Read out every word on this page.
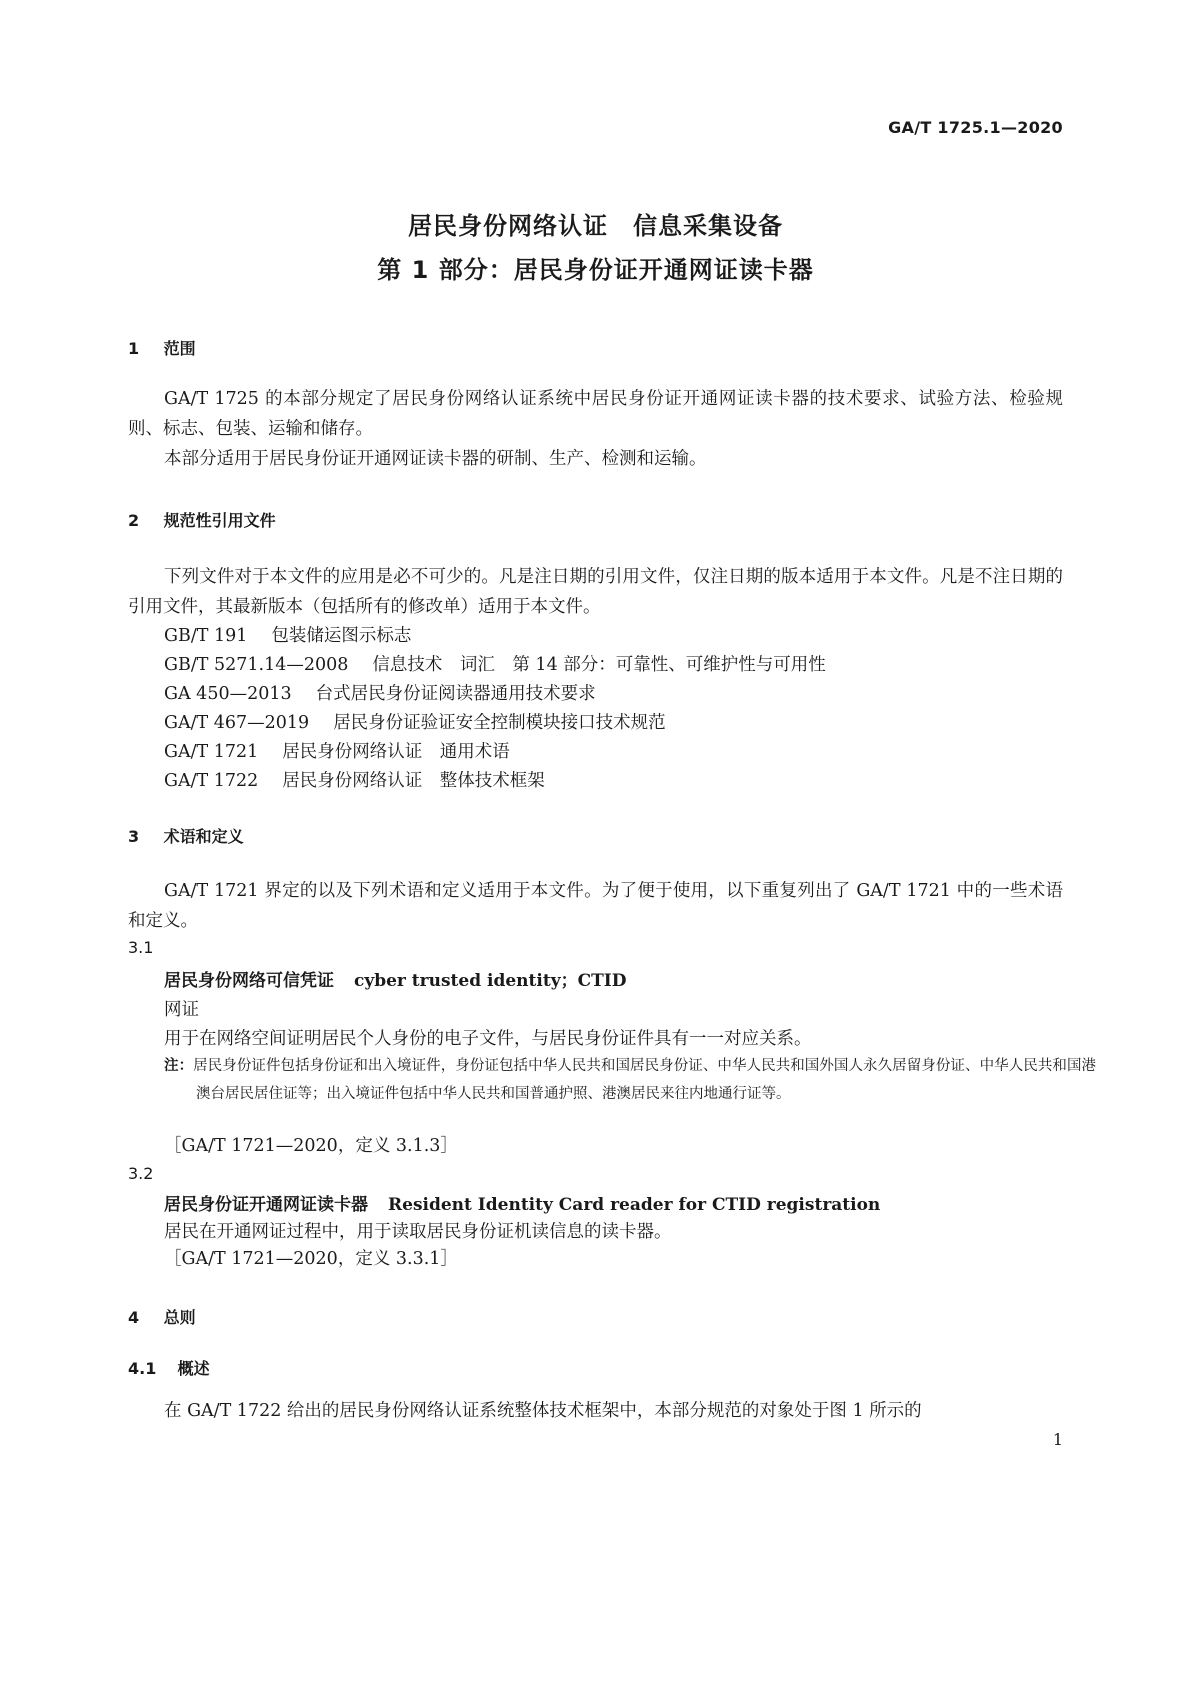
GA/T 1725.1—2020
居民身份网络认证　信息采集设备
第 1 部分：居民身份证开通网证读卡器
1 范围
GA/T 1725 的本部分规定了居民身份网络认证系统中居民身份证开通网证读卡器的技术要求、试验方法、检验规则、标志、包装、运输和储存。
本部分适用于居民身份证开通网证读卡器的研制、生产、检测和运输。
2 规范性引用文件
下列文件对于本文件的应用是必不可少的。凡是注日期的引用文件，仅注日期的版本适用于本文件。凡是不注日期的引用文件，其最新版本（包括所有的修改单）适用于本文件。
GB/T 191 包装储运图示标志
GB/T 5271.14—2008 信息技术　词汇　第 14 部分：可靠性、可维护性与可用性
GA 450—2013 台式居民身份证阅读器通用技术要求
GA/T 467—2019 居民身份证验证安全控制模块接口技术规范
GA/T 1721 居民身份网络认证　通用术语
GA/T 1722 居民身份网络认证　整体技术框架
3 术语和定义
GA/T 1721 界定的以及下列术语和定义适用于本文件。为了便于使用，以下重复列出了 GA/T 1721 中的一些术语和定义。
3.1
居民身份网络可信凭证 cyber trusted identity；CTID
网证
用于在网络空间证明居民个人身份的电子文件，与居民身份证件具有一一对应关系。
注：居民身份证件包括身份证和出入境证件，身份证包括中华人民共和国居民身份证、中华人民共和国外国人永久居留身份证、中华人民共和国港澳台居民居住证等；出入境证件包括中华人民共和国普通护照、港澳居民来往内地通行证等。
［GA/T 1721—2020，定义 3.1.3］
3.2
居民身份证开通网证读卡器 Resident Identity Card reader for CTID registration
居民在开通网证过程中，用于读取居民身份证机读信息的读卡器。
［GA/T 1721—2020，定义 3.3.1］
4 总则
4.1 概述
在 GA/T 1722 给出的居民身份网络认证系统整体技术框架中，本部分规范的对象处于图 1 所示的
1
